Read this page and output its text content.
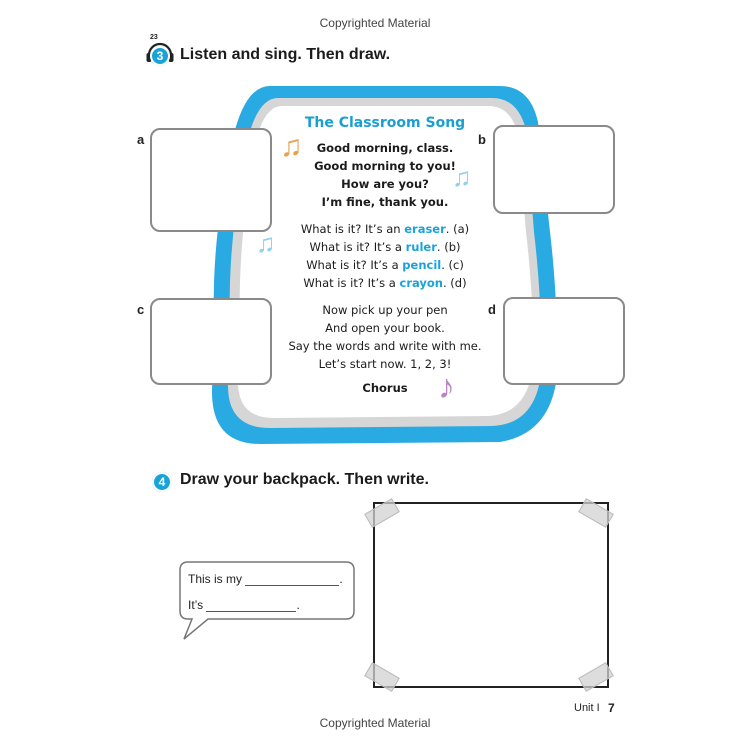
Copyrighted Material
23
3	Listen and sing. Then draw.
a	b
c	d
♫
♫
♫
♪
The Classroom Song
Good morning, class.
Good morning to you!
How are you?
I’m fine, thank you.
What is it? It’s an eraser. (a)
What is it? It’s a ruler. (b)
What is it? It’s a pencil. (c)
What is it? It’s a crayon. (d)
Now pick up your pen
And open your book.
Say the words and write with me.
Let’s start now. 1, 2, 3!
Chorus
4 Draw your backpack. Then write.
This is my	.
It’s	.
Unit I 7
Copyrighted Material
